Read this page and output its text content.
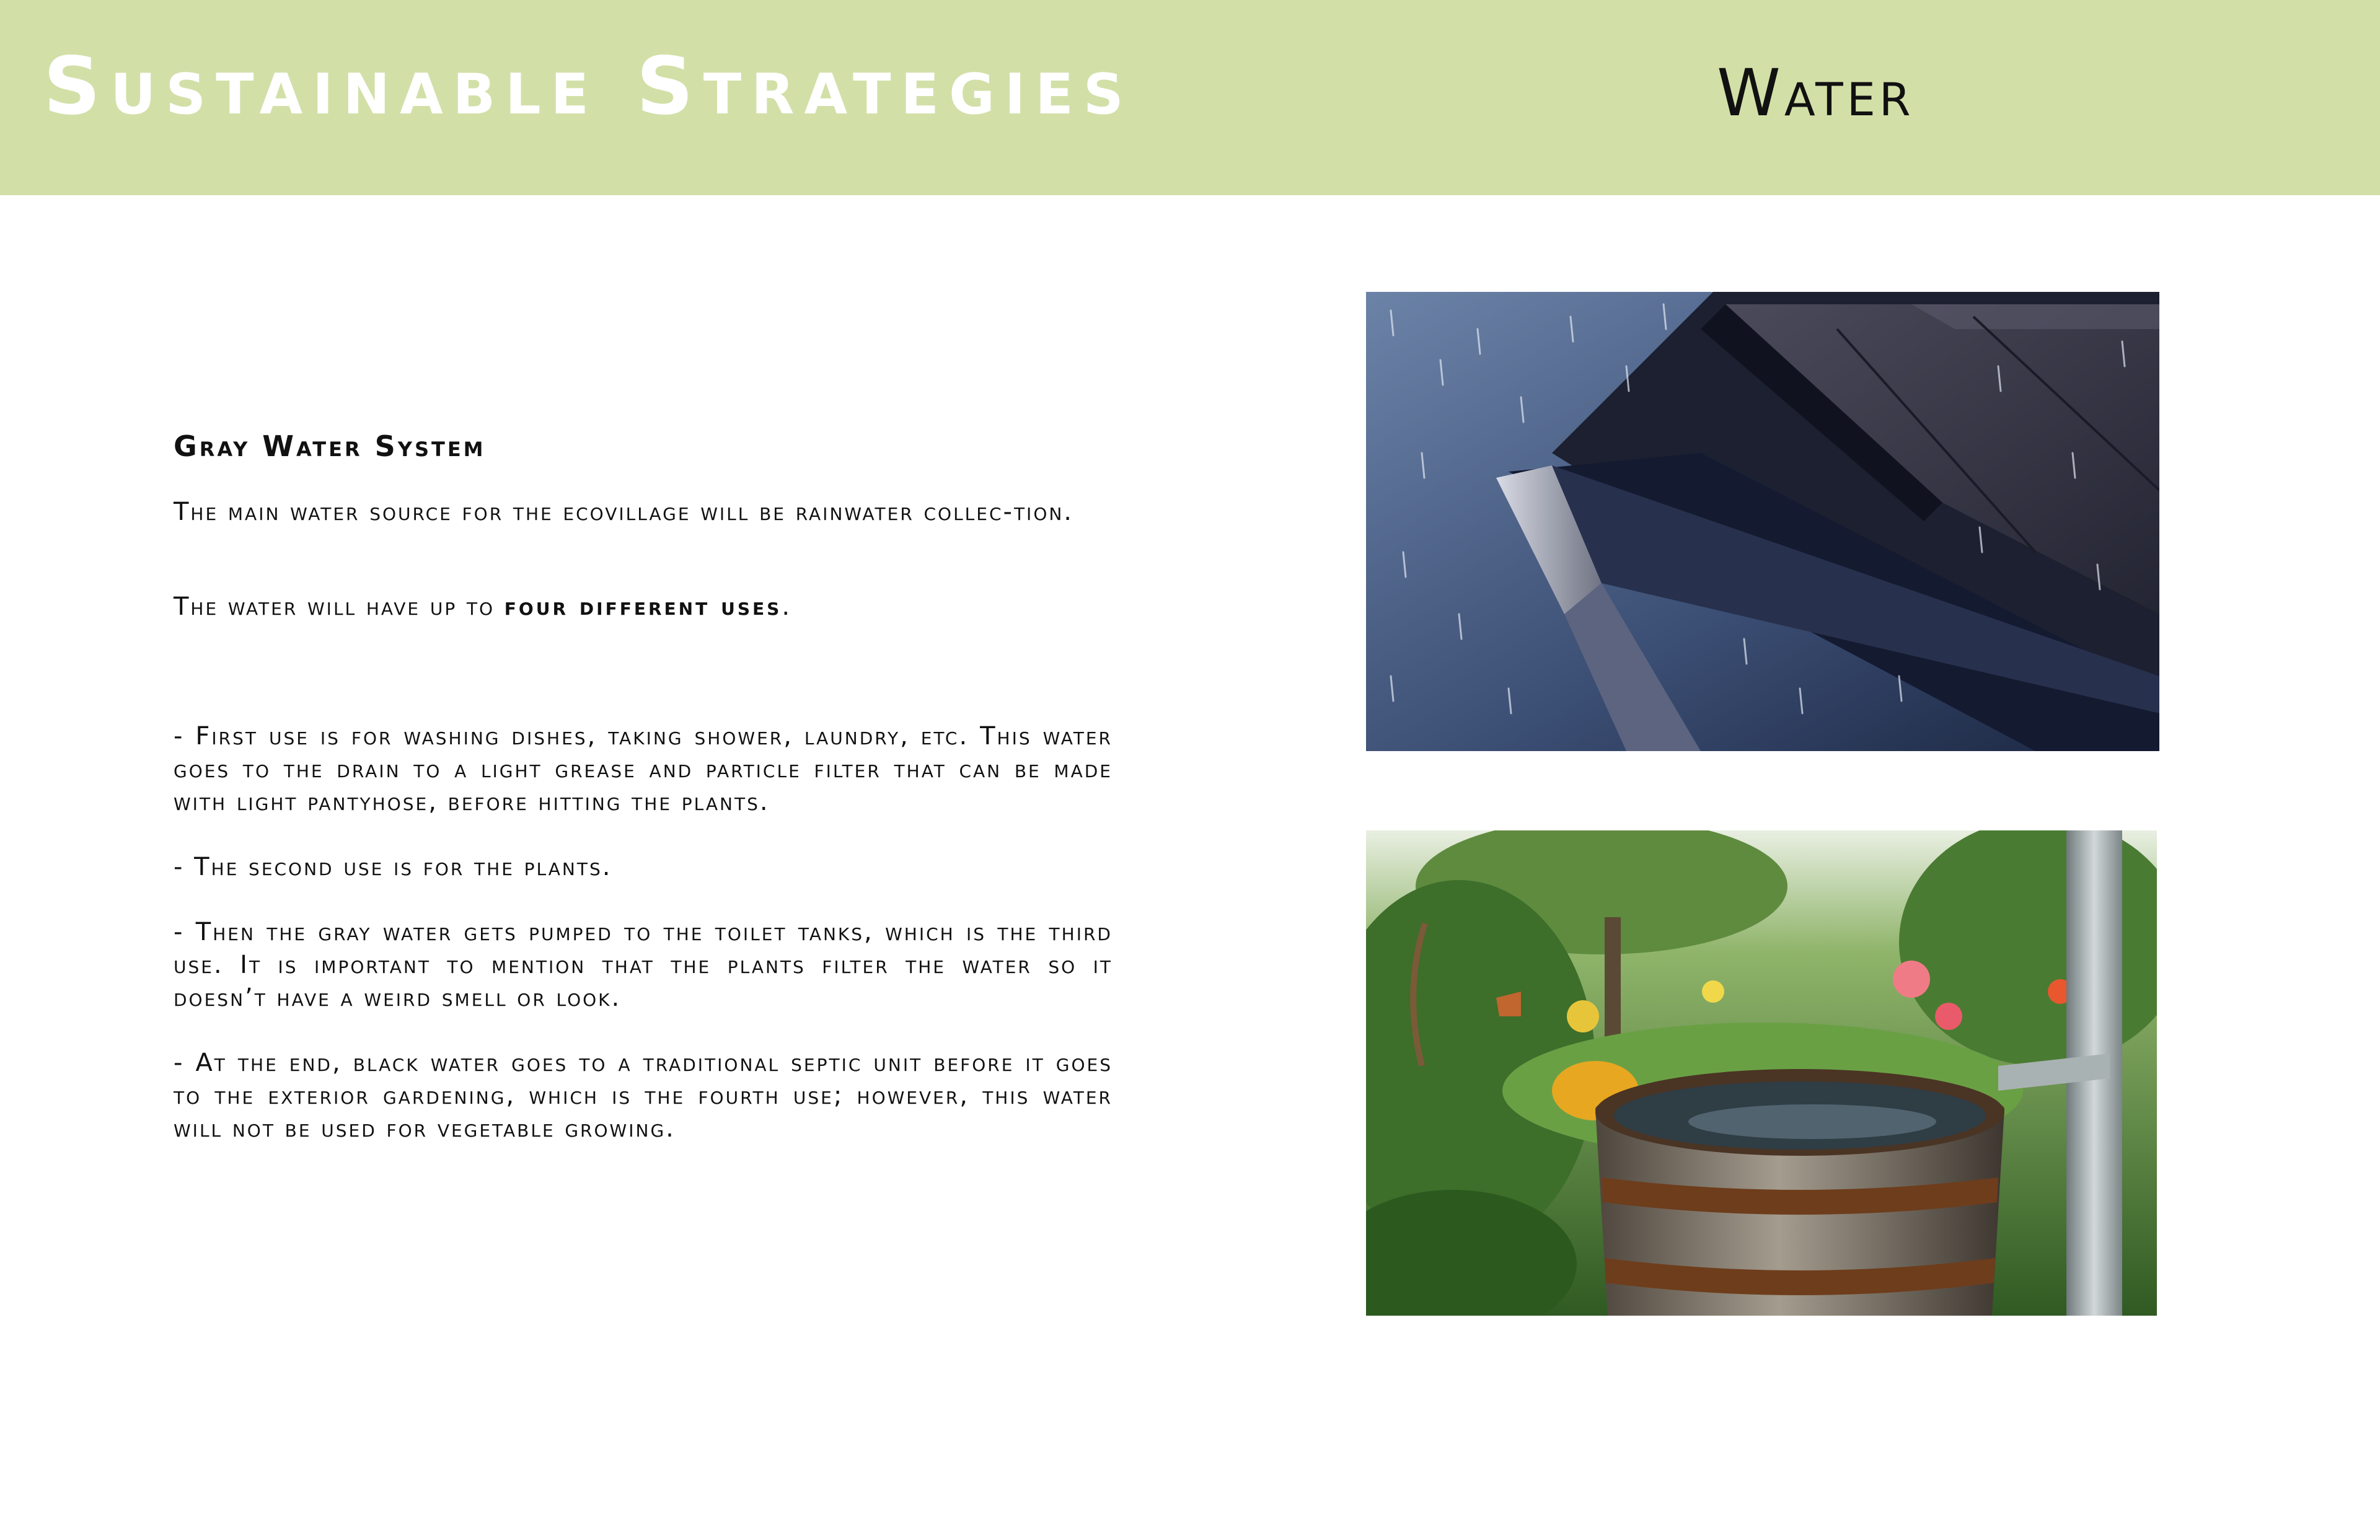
Sustainable Strategies	Water
Gray Water System

The main water source for the ecovillage will be rainwater collec-tion.

The water will have up to four different uses.

- First use is for washing dishes, taking shower, laundry, etc. This water goes to the drain to a light grease and particle filter that can be made with light pantyhose, before hitting the plants.

- The second use is for the plants.

- Then the gray water gets pumped to the toilet tanks, which is the third use. It is important to mention that the plants filter the water so it doesn’t have a weird smell or look.

- At the end, black water goes to a traditional septic unit before it goes to the exterior gardening, which is the fourth use; however, this water will not be used for vegetable growing.
